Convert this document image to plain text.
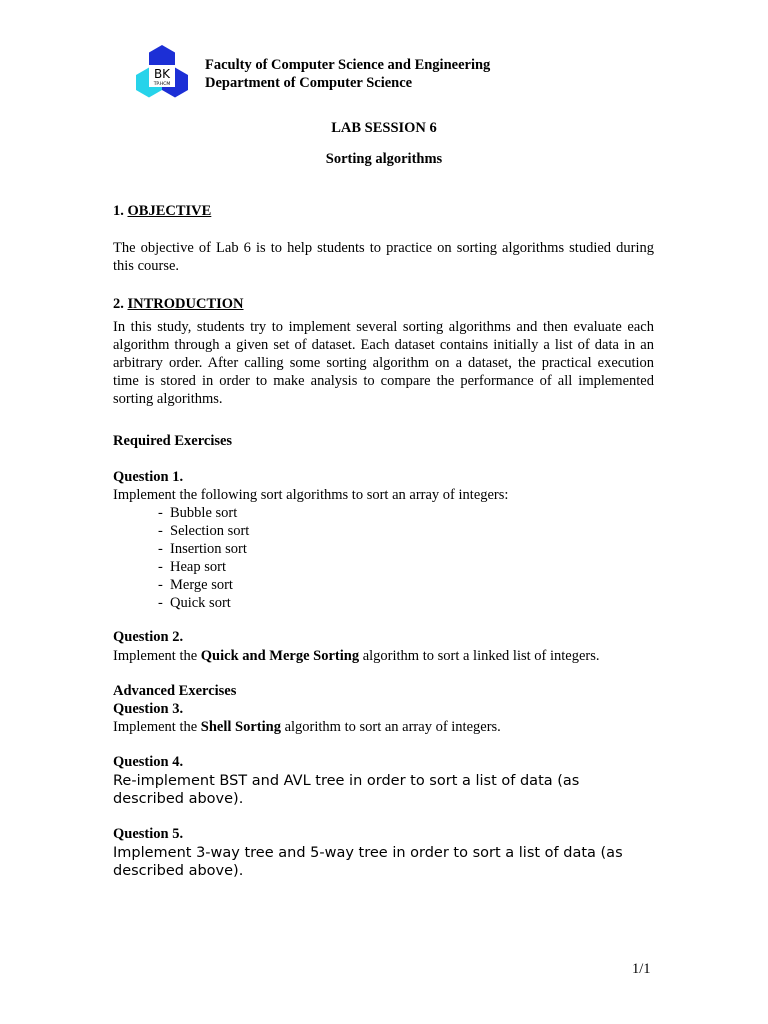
BK
TP.HCM
Faculty of Computer Science and Engineering
Department of Computer Science
LAB SESSION 6
Sorting algorithms
1. OBJECTIVE
The objective of Lab 6 is to help students to practice on sorting algorithms studied during this course.
2. INTRODUCTION
In this study, students try to implement several sorting algorithms and then evaluate each algorithm through a given set of dataset. Each dataset contains initially a list of data in an arbitrary order. After calling some sorting algorithm on a dataset, the practical execution time is stored in order to make analysis to compare the performance of all implemented sorting algorithms.
Required Exercises
Question 1.
Implement the following sort algorithms to sort an array of integers:
- Bubble sort
- Selection sort
- Insertion sort
- Heap sort
- Merge sort
- Quick sort
Question 2.
Implement the Quick and Merge Sorting algorithm to sort a linked list of integers.
Advanced Exercises
Question 3.
Implement the Shell Sorting algorithm to sort an array of integers.
Question 4.
Re-implement BST and AVL tree in order to sort a list of data (as described above).
Question 5.
Implement 3-way tree and 5-way tree in order to sort a list of data (as described above).
1/1
